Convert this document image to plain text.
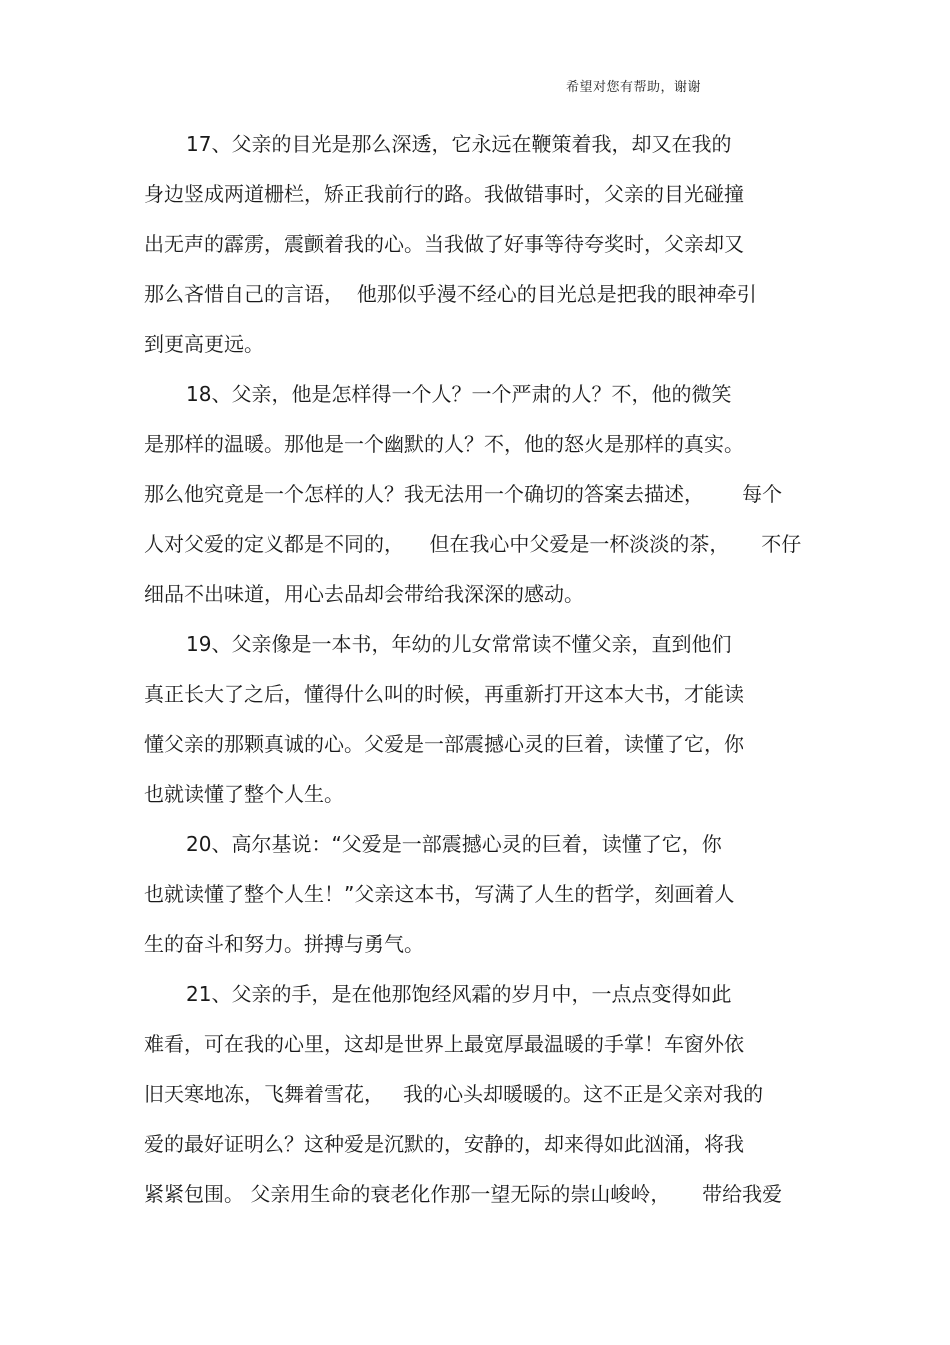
希望对您有帮助，谢谢
17、父亲的目光是那么深透，它永远在鞭策着我，却又在我的
身边竖成两道栅栏，矫正我前行的路。我做错事时，父亲的目光碰撞
出无声的霹雳，震颤着我的心。当我做了好事等待夸奖时，父亲却又
那么吝惜自己的言语，  他那似乎漫不经心的目光总是把我的眼神牵引
到更高更远。
18、父亲，他是怎样得一个人？一个严肃的人？不，他的微笑
是那样的温暖。那他是一个幽默的人？不，他的怒火是那样的真实。
那么他究竟是一个怎样的人？我无法用一个确切的答案去描述，      每个
人对父爱的定义都是不同的，    但在我心中父爱是一杯淡淡的茶，     不仔
细品不出味道，用心去品却会带给我深深的感动。
19、父亲像是一本书，年幼的儿女常常读不懂父亲，直到他们
真正长大了之后，懂得什么叫的时候，再重新打开这本大书，才能读
懂父亲的那颗真诚的心。父爱是一部震撼心灵的巨着，读懂了它，你
也就读懂了整个人生。
20、高尔基说：“父爱是一部震撼心灵的巨着，读懂了它，你
也就读懂了整个人生！”父亲这本书，写满了人生的哲学，刻画着人
生的奋斗和努力。拼搏与勇气。
21、父亲的手，是在他那饱经风霜的岁月中，一点点变得如此
难看，可在我的心里，这却是世界上最宽厚最温暖的手掌！车窗外依
旧天寒地冻，飞舞着雪花，   我的心头却暖暖的。这不正是父亲对我的
爱的最好证明么？这种爱是沉默的，安静的，却来得如此汹涌，将我
紧紧包围。 父亲用生命的衰老化作那一望无际的崇山峻岭，     带给我爱
